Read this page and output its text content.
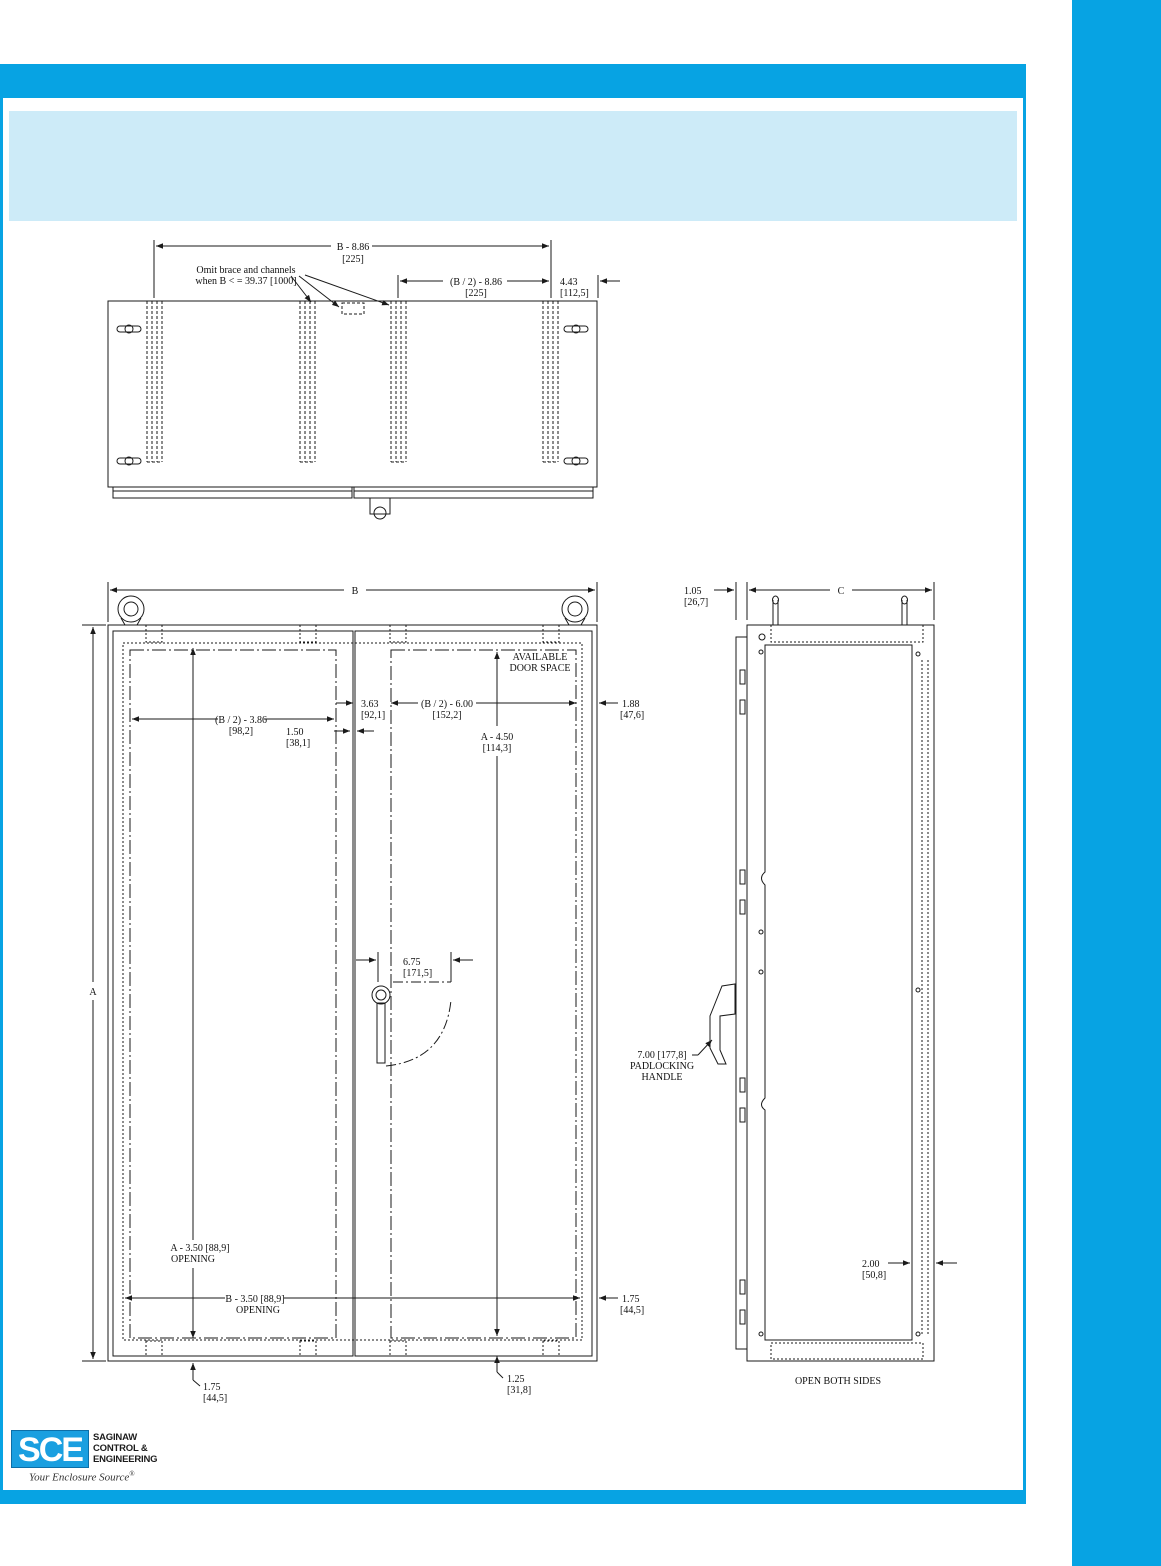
B - 8.86
[225]
Omit brace and channels
when B < = 39.37 [1000]	(B / 2) - 8.86
[225]
4.43
[112,5]
B
A
AVAILABLE
DOOR SPACE
3.63
[92,1]
(B / 2) - 6.00
[152,2]
1.88
[47,6]
(B / 2) - 3.86
[98,2]	1.50
[38,1]
A - 4.50
[114,3]
6.75
[171,5]
A - 3.50 [88,9]
OPENING
B - 3.50 [88,9]
OPENING
1.75
[44,5]
1.75
[44,5]
1.25
[31,8]
1.05
[26,7]
C
7.00 [177,8]
PADLOCKING
HANDLE
2.00
[50,8]
OPEN BOTH SIDES
SCE	SAGINAW
CONTROL &
ENGINEERING
Your Enclosure Source®
